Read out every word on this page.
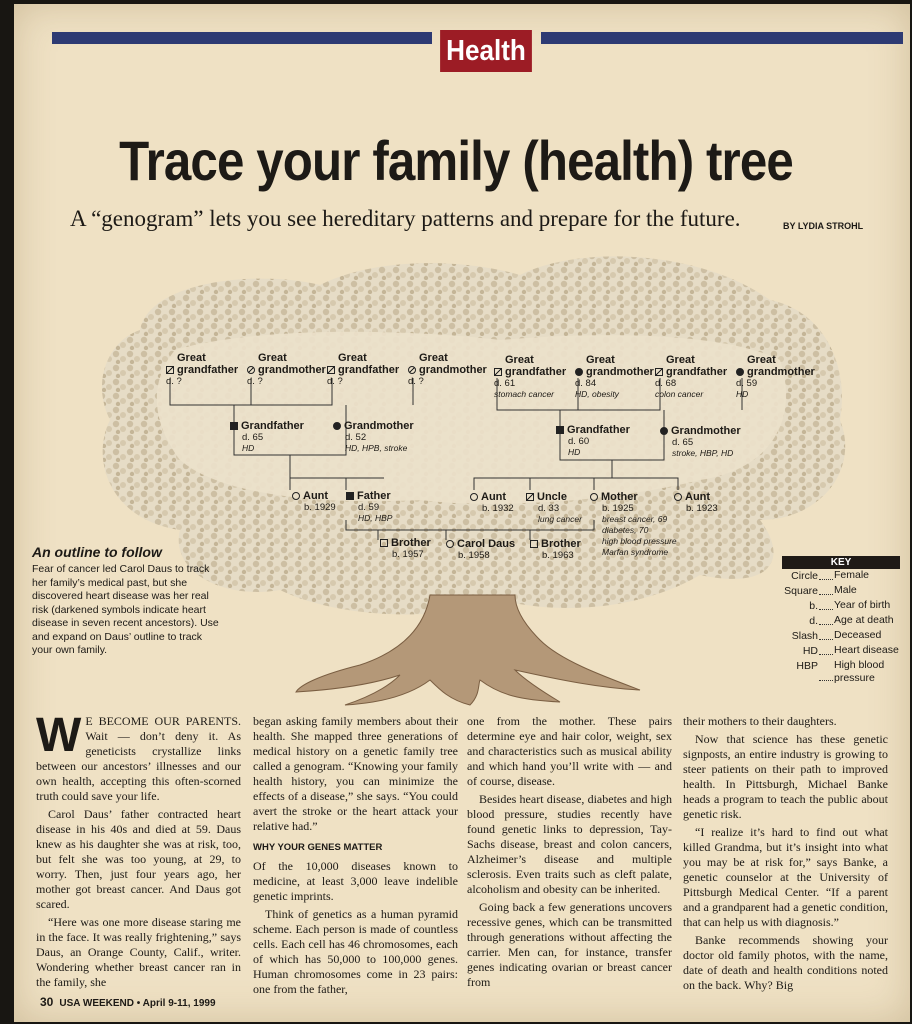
Health
Trace your family (health) tree
A “genogram” lets you see hereditary patterns and prepare for the future.	BY LYDIA STROHL
Great grandfather
d. ?
Great grandmother
d. ?
Great grandfather
d. ?
Great grandmother
d. ?
Great grandfather
d. 61
stomach cancer
Great grandmother
d. 84
HD, obesity
Great grandfather
d. 68
colon cancer
Great grandmother
d. 59
HD
Grandfather
d. 65
HD
Grandmother
d. 52
HD, HPB, stroke
Grandfather
d. 60
HD
Grandmother
d. 65
stroke, HBP, HD
Aunt
b. 1929
Father
d. 59
HD, HBP
Aunt
b. 1932
Uncle
d. 33
lung cancer
Mother
b. 1925
breast cancer, 69
diabetes, 70
high blood pressure
Marfan syndrome
Aunt
b. 1923
Brother
b. 1957
Carol Daus
b. 1958
Brother
b. 1963
An outline to follow

Fear of cancer led Carol Daus to track her family’s medical past, but she discovered heart disease was her real risk (darkened symbols indicate heart disease in seven recent ancestors). Use and expand on Daus’ outline to track your own family.

KEY
Circle Female
Square Male
b. Year of birth
d. Age at death
Slash Deceased
HD Heart disease
HBP High blood pressure
W E BECOME OUR PARENTS. Wait — don’t deny it. As geneticists crystallize links between our ancestors’ illnesses and our own health, accepting this often-scorned truth could save your life.

Carol Daus’ father contracted heart disease in his 40s and died at 59. Daus knew as his daughter she was at risk, too, but felt she was too young, at 29, to worry. Then, just four years ago, her mother got breast cancer. And Daus got scared.

“Here was one more disease staring me in the face. It was really frightening,” says Daus, an Orange County, Calif., writer. Wondering whether breast cancer ran in the family, she

began asking family members about their health. She mapped three generations of medical history on a genetic family tree called a genogram. “Knowing your family health history, you can minimize the effects of a disease,” she says. “You could avert the stroke or the heart attack your relative had.”

WHY YOUR GENES MATTER

Of the 10,000 diseases known to medicine, at least 3,000 leave indelible genetic imprints.

Think of genetics as a human pyramid scheme. Each person is made of countless cells. Each cell has 46 chromosomes, each of which has 50,000 to 100,000 genes. Human chromosomes come in 23 pairs: one from the father,

one from the mother. These pairs determine eye and hair color, weight, sex and characteristics such as musical ability and which hand you’ll write with — and of course, disease.

Besides heart disease, diabetes and high blood pressure, studies recently have found genetic links to depression, Tay-Sachs disease, breast and colon cancers, Alzheimer’s disease and multiple sclerosis. Even traits such as cleft palate, alcoholism and obesity can be inherited.

Going back a few generations uncovers recessive genes, which can be transmitted through generations without affecting the carrier. Men can, for instance, transfer genes indicating ovarian or breast cancer from

their mothers to their daughters.

Now that science has these genetic signposts, an entire industry is growing to steer patients on their path to improved health. In Pittsburgh, Michael Banke heads a program to teach the public about genetic risk.

“I realize it’s hard to find out what killed Grandma, but it’s insight into what you may be at risk for,” says Banke, a genetic counselor at the University of Pittsburgh Medical Center. “If a parent and a grandparent had a genetic condition, that can help us with diagnosis.”

Banke recommends showing your doctor old family photos, with the name, date of death and health conditions noted on the back. Why? Big

30 USA WEEKEND • April 9-11, 1999
